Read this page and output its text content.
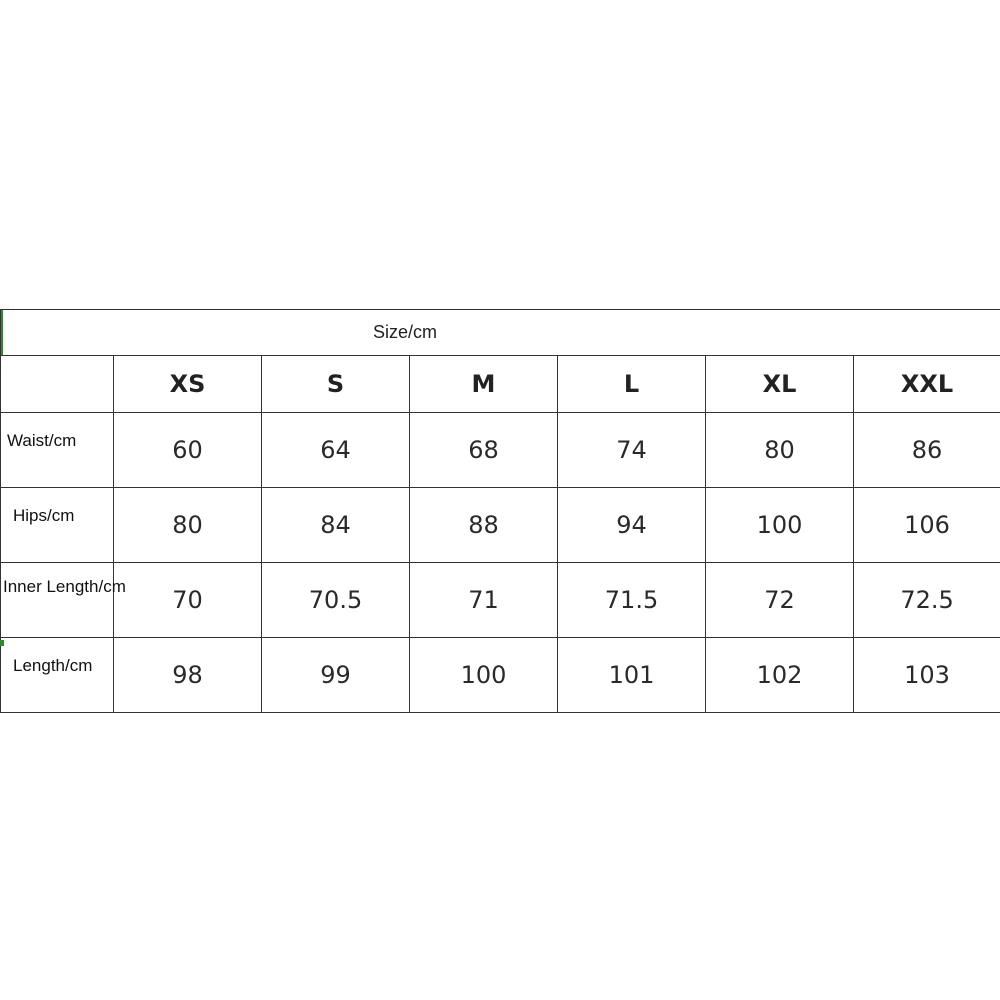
Size/cm						
	XS	S	M	L	XL	XXL

Waist/cm	60	64	68	74	80	86

Hips/cm	80	84	88	94	100	106

Inner Length/cm	70	70.5	71	71.5	72	72.5

Length/cm	98	99	100	101	102	103
